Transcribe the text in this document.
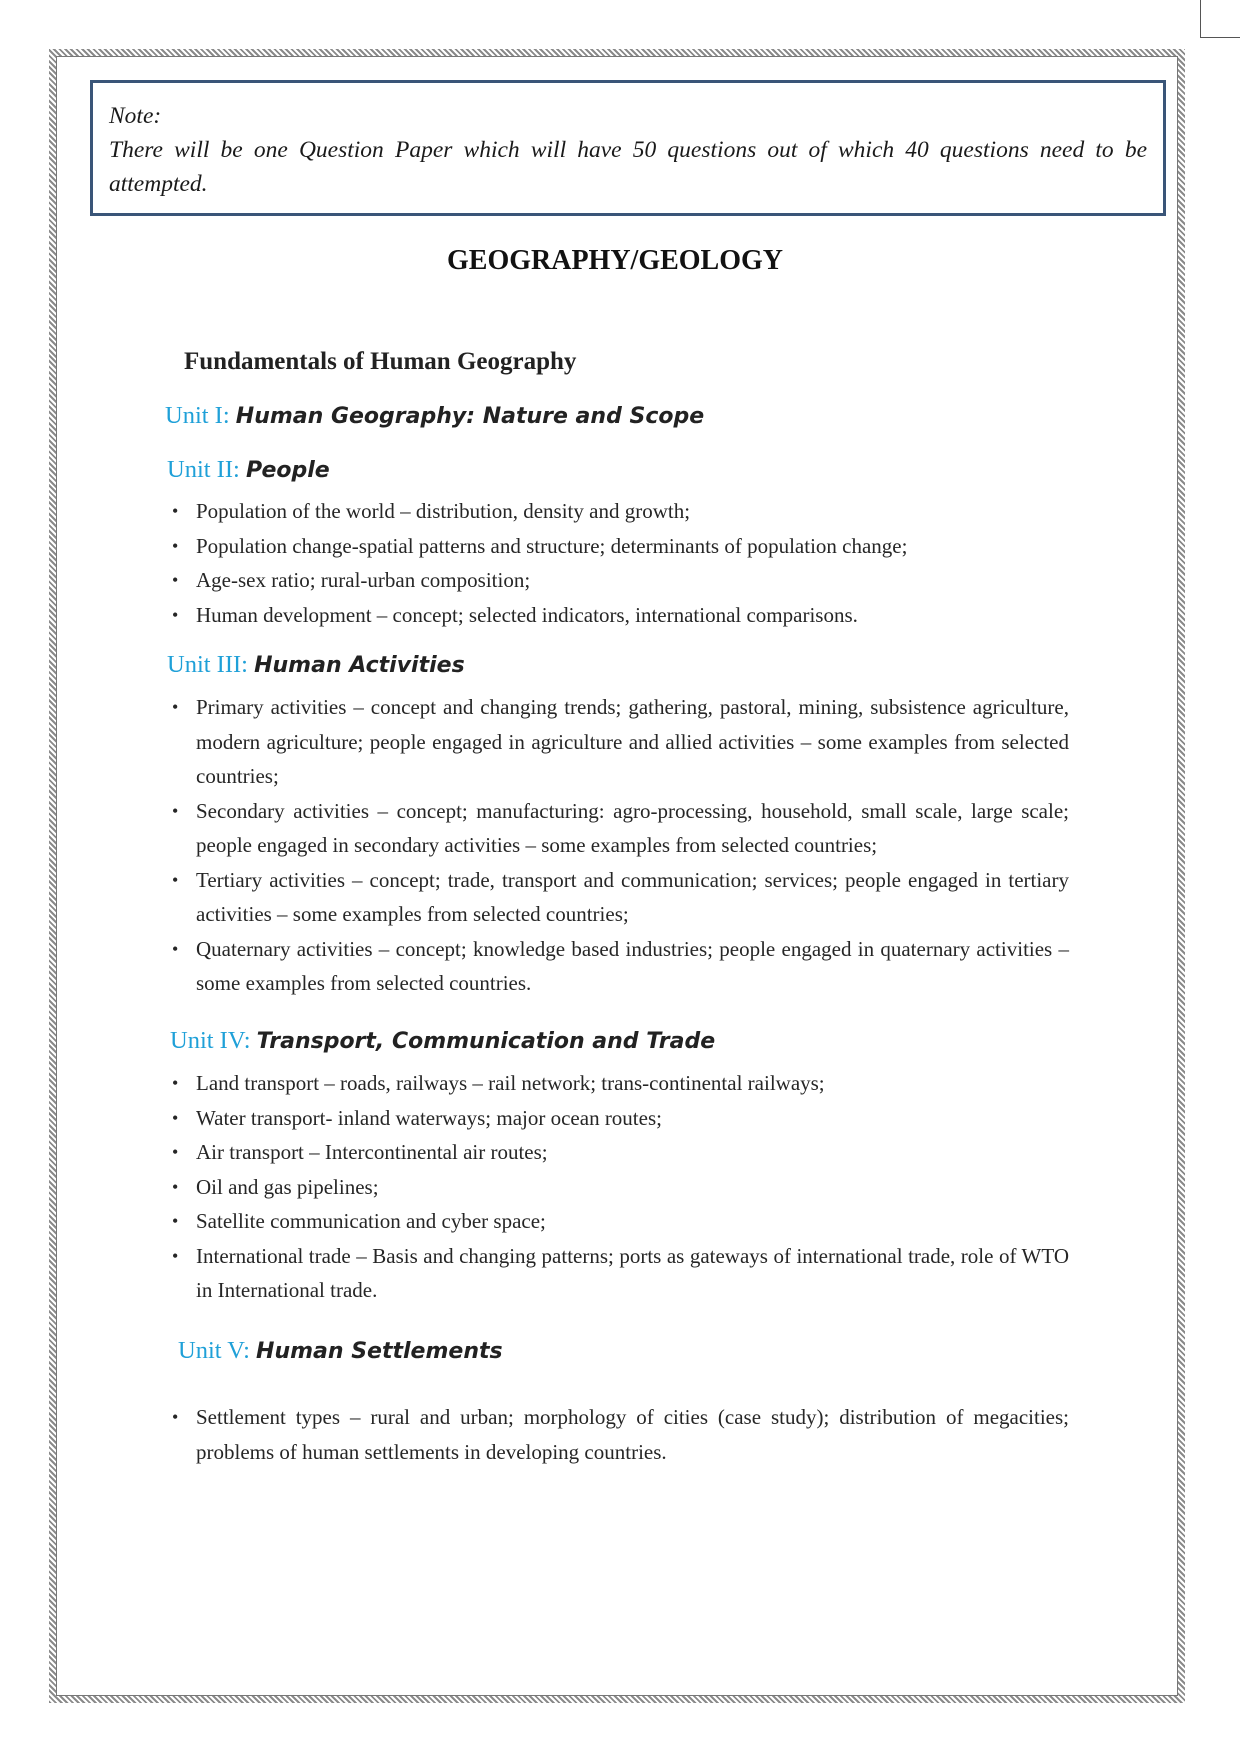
Note:
There will be one Question Paper which will have 50 questions out of which 40 questions need to be attempted.
GEOGRAPHY/GEOLOGY
Fundamentals of Human Geography
Unit I: Human Geography: Nature and Scope
Unit II: People
• Population of the world – distribution, density and growth;
• Population change-spatial patterns and structure; determinants of population change;
• Age-sex ratio; rural-urban composition;
• Human development – concept; selected indicators, international comparisons.
Unit III: Human Activities
• Primary activities – concept and changing trends; gathering, pastoral, mining, subsistence agriculture, modern agriculture; people engaged in agriculture and allied activities – some examples from selected countries;
• Secondary activities – concept; manufacturing: agro-processing, household, small scale, large scale; people engaged in secondary activities – some examples from selected countries;
• Tertiary activities – concept; trade, transport and communication; services; people engaged in tertiary activities – some examples from selected countries;
• Quaternary activities – concept; knowledge based industries; people engaged in quaternary activities – some examples from selected countries.
Unit IV: Transport, Communication and Trade
• Land transport – roads, railways – rail network; trans-continental railways;
• Water transport- inland waterways; major ocean routes;
• Air transport – Intercontinental air routes;
• Oil and gas pipelines;
• Satellite communication and cyber space;
• International trade – Basis and changing patterns; ports as gateways of international trade, role of WTO in International trade.
Unit V: Human Settlements
• Settlement types – rural and urban; morphology of cities (case study); distribution of megacities; problems of human settlements in developing countries.
